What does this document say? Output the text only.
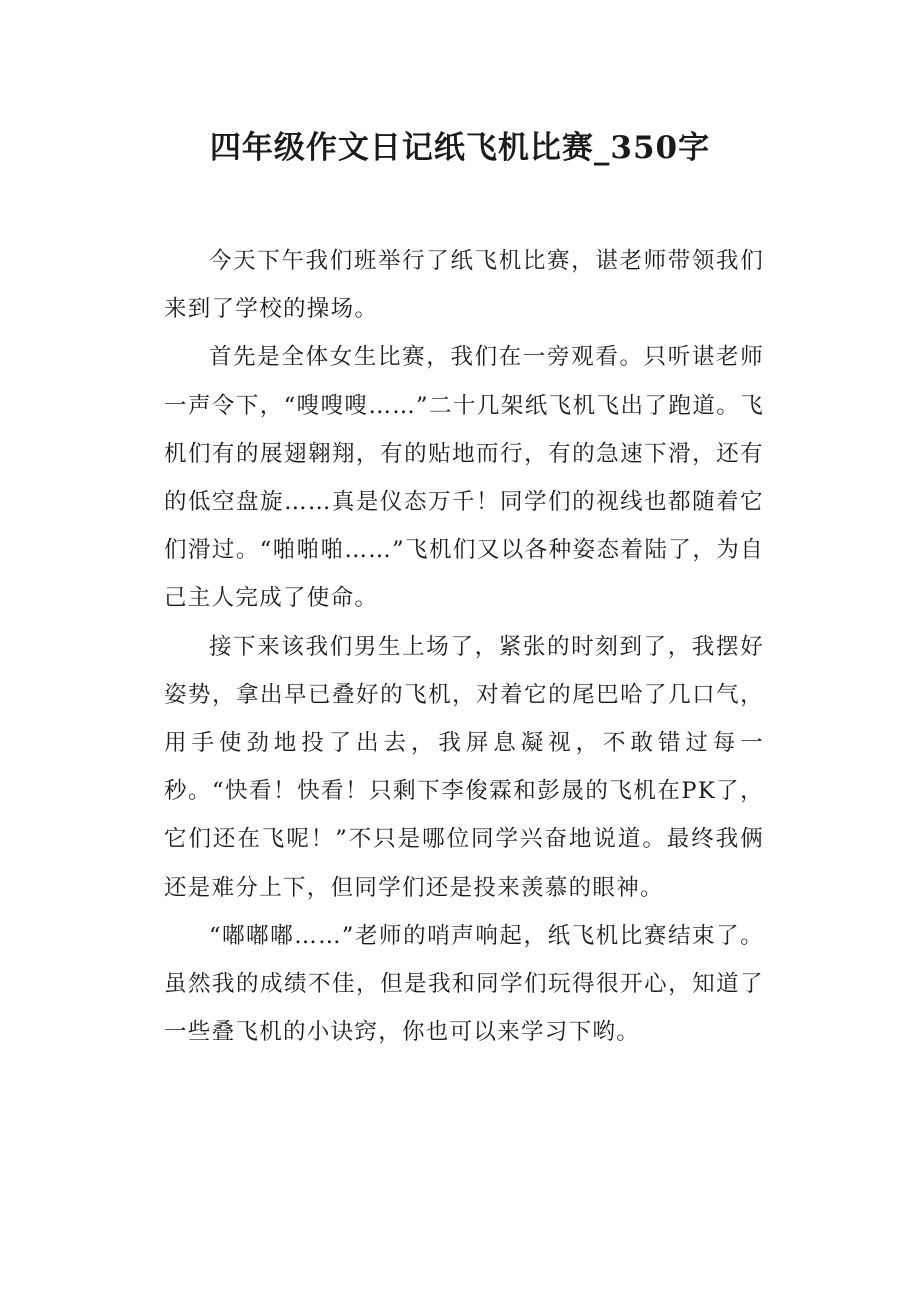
四年级作文日记纸飞机比赛_350字

今天下午我们班举行了纸飞机比赛，谌老师带领我们来到了学校的操场。

首先是全体女生比赛，我们在一旁观看。只听谌老师一声令下，“嗖嗖嗖……”二十几架纸飞机飞出了跑道。飞机们有的展翅翱翔，有的贴地而行，有的急速下滑，还有的低空盘旋……真是仪态万千！同学们的视线也都随着它们滑过。“啪啪啪……”飞机们又以各种姿态着陆了，为自己主人完成了使命。

接下来该我们男生上场了，紧张的时刻到了，我摆好姿势，拿出早已叠好的飞机，对着它的尾巴哈了几口气，用手使劲地投了出去，我屏息凝视，不敢错过每一秒。“快看！快看！只剩下李俊霖和彭晟的飞机在PK了，它们还在飞呢！”不只是哪位同学兴奋地说道。最终我俩还是难分上下，但同学们还是投来羡慕的眼神。

“嘟嘟嘟……”老师的哨声响起，纸飞机比赛结束了。虽然我的成绩不佳，但是我和同学们玩得很开心，知道了一些叠飞机的小诀窍，你也可以来学习下哟。
